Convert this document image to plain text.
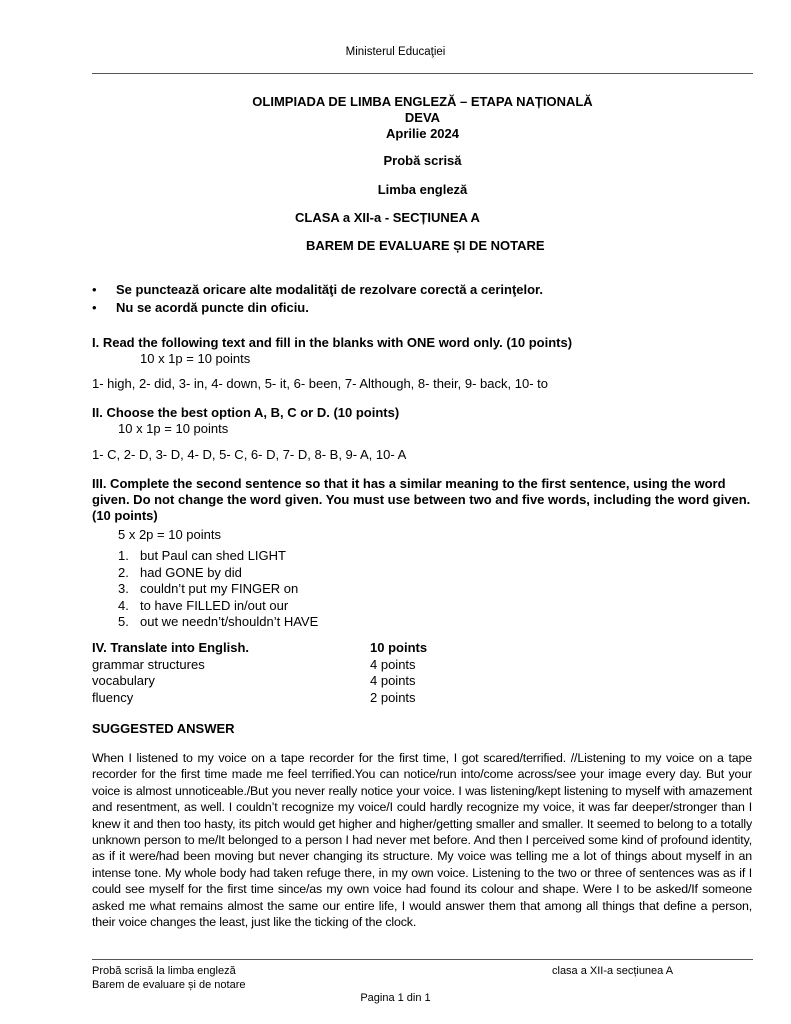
Ministerul Educaţiei
OLIMPIADA DE LIMBA ENGLEZĂ – ETAPA NAȚIONALĂ
DEVA
Aprilie 2024
Probă scrisă
Limba engleză
CLASA a XII-a - SECȚIUNEA A
BAREM DE EVALUARE ȘI DE NOTARE
• Se punctează oricare alte modalităţi de rezolvare corectă a cerinţelor.
• Nu se acordă puncte din oficiu.
I. Read the following text and fill in the blanks with ONE word only. (10 points)
10 x 1p = 10 points
1- high, 2- did, 3- in, 4- down, 5- it, 6- been, 7- Although, 8- their, 9- back, 10- to
II. Choose the best option A, B, C or D. (10 points)
10 x 1p = 10 points
1- C, 2- D, 3- D, 4- D, 5- C, 6- D, 7- D, 8- B, 9- A, 10- A
III. Complete the second sentence so that it has a similar meaning to the first sentence, using the word given. Do not change the word given. You must use between two and five words, including the word given. (10 points)
5 x 2p = 10 points
1. but Paul can shed LIGHT
2. had GONE by did
3. couldn’t put my FINGER on
4. to have FILLED in/out our
5. out we needn’t/shouldn’t HAVE
IV. Translate into English.	10 points
grammar structures	4 points
vocabulary	4 points
fluency	2 points
SUGGESTED ANSWER
When I listened to my voice on a tape recorder for the first time, I got scared/terrified. //Listening to my voice on a tape recorder for the first time made me feel terrified.You can notice/run into/come across/see your image every day. But your voice is almost unnoticeable./But you never really notice your voice. I was listening/kept listening to myself with amazement and resentment, as well. I couldn’t recognize my voice/I could hardly recognize my voice, it was far deeper/stronger than I knew it and then too hasty, its pitch would get higher and higher/getting smaller and smaller. It seemed to belong to a totally unknown person to me/It belonged to a person I had never met before. And then I perceived some kind of profound identity, as if it were/had been moving but never changing its structure. My voice was telling me a lot of things about myself in an intense tone. My whole body had taken refuge there, in my own voice. Listening to the two or three of sentences was as if I could see myself for the first time since/as my own voice had found its colour and shape. Were I to be asked/If someone asked me what remains almost the same our entire life, I would answer them that among all things that define a person, their voice changes the least, just like the ticking of the clock.
Probă scrisă la limba engleză
Barem de evaluare și de notare
clasa a XII-a secțiunea A
Pagina 1 din 1
